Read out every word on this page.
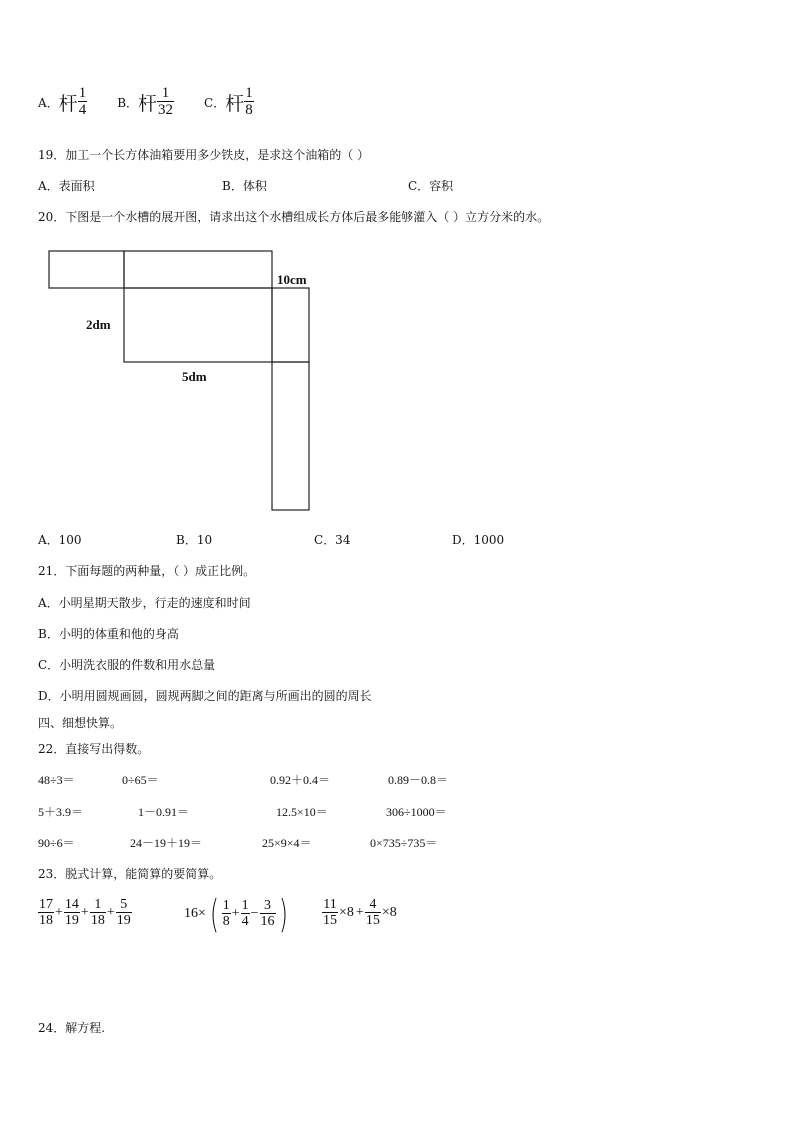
A． 杆 $\frac{1}{4}$	B． 杆 $\frac{1}{32}$	C． 杆 $\frac{1}{8}$
19．加工一个长方体油箱要用多少铁皮，是求这个油箱的（ ）
A．表面积	B．体积	C．容积
20．下图是一个水槽的展开图，请求出这个水槽组成长方体后最多能够灌入（ ）立方分米的水。
10cm
2dm
5dm
A．100	B．10	C．34	D．1000
21．下面每题的两种量，（ ）成正比例。
A．小明星期天散步，行走的速度和时间
B．小明的体重和他的身高
C．小明洗衣服的件数和用水总量
D．小明用圆规画圆，圆规两脚之间的距离与所画出的圆的周长
四、细想快算。
22．直接写出得数。
48÷3＝	0÷65＝	0.92＋0.4＝	0.89－0.8＝
5＋3.9＝	1－0.91＝	12.5×10＝	306÷1000＝
90÷6＝	24－19＋19＝	25×9×4＝	0×735÷735＝
23．脱式计算，能简算的要简算。
$\frac{17}{18} + \frac{14}{19} + \frac{1}{18} + \frac{5}{19}$	16× ( $\frac{1}{8} + \frac{1}{4} - \frac{3}{16}$ ) $\frac{11}{15} \times 8 + \frac{4}{15} \times 8$
24．解方程.
